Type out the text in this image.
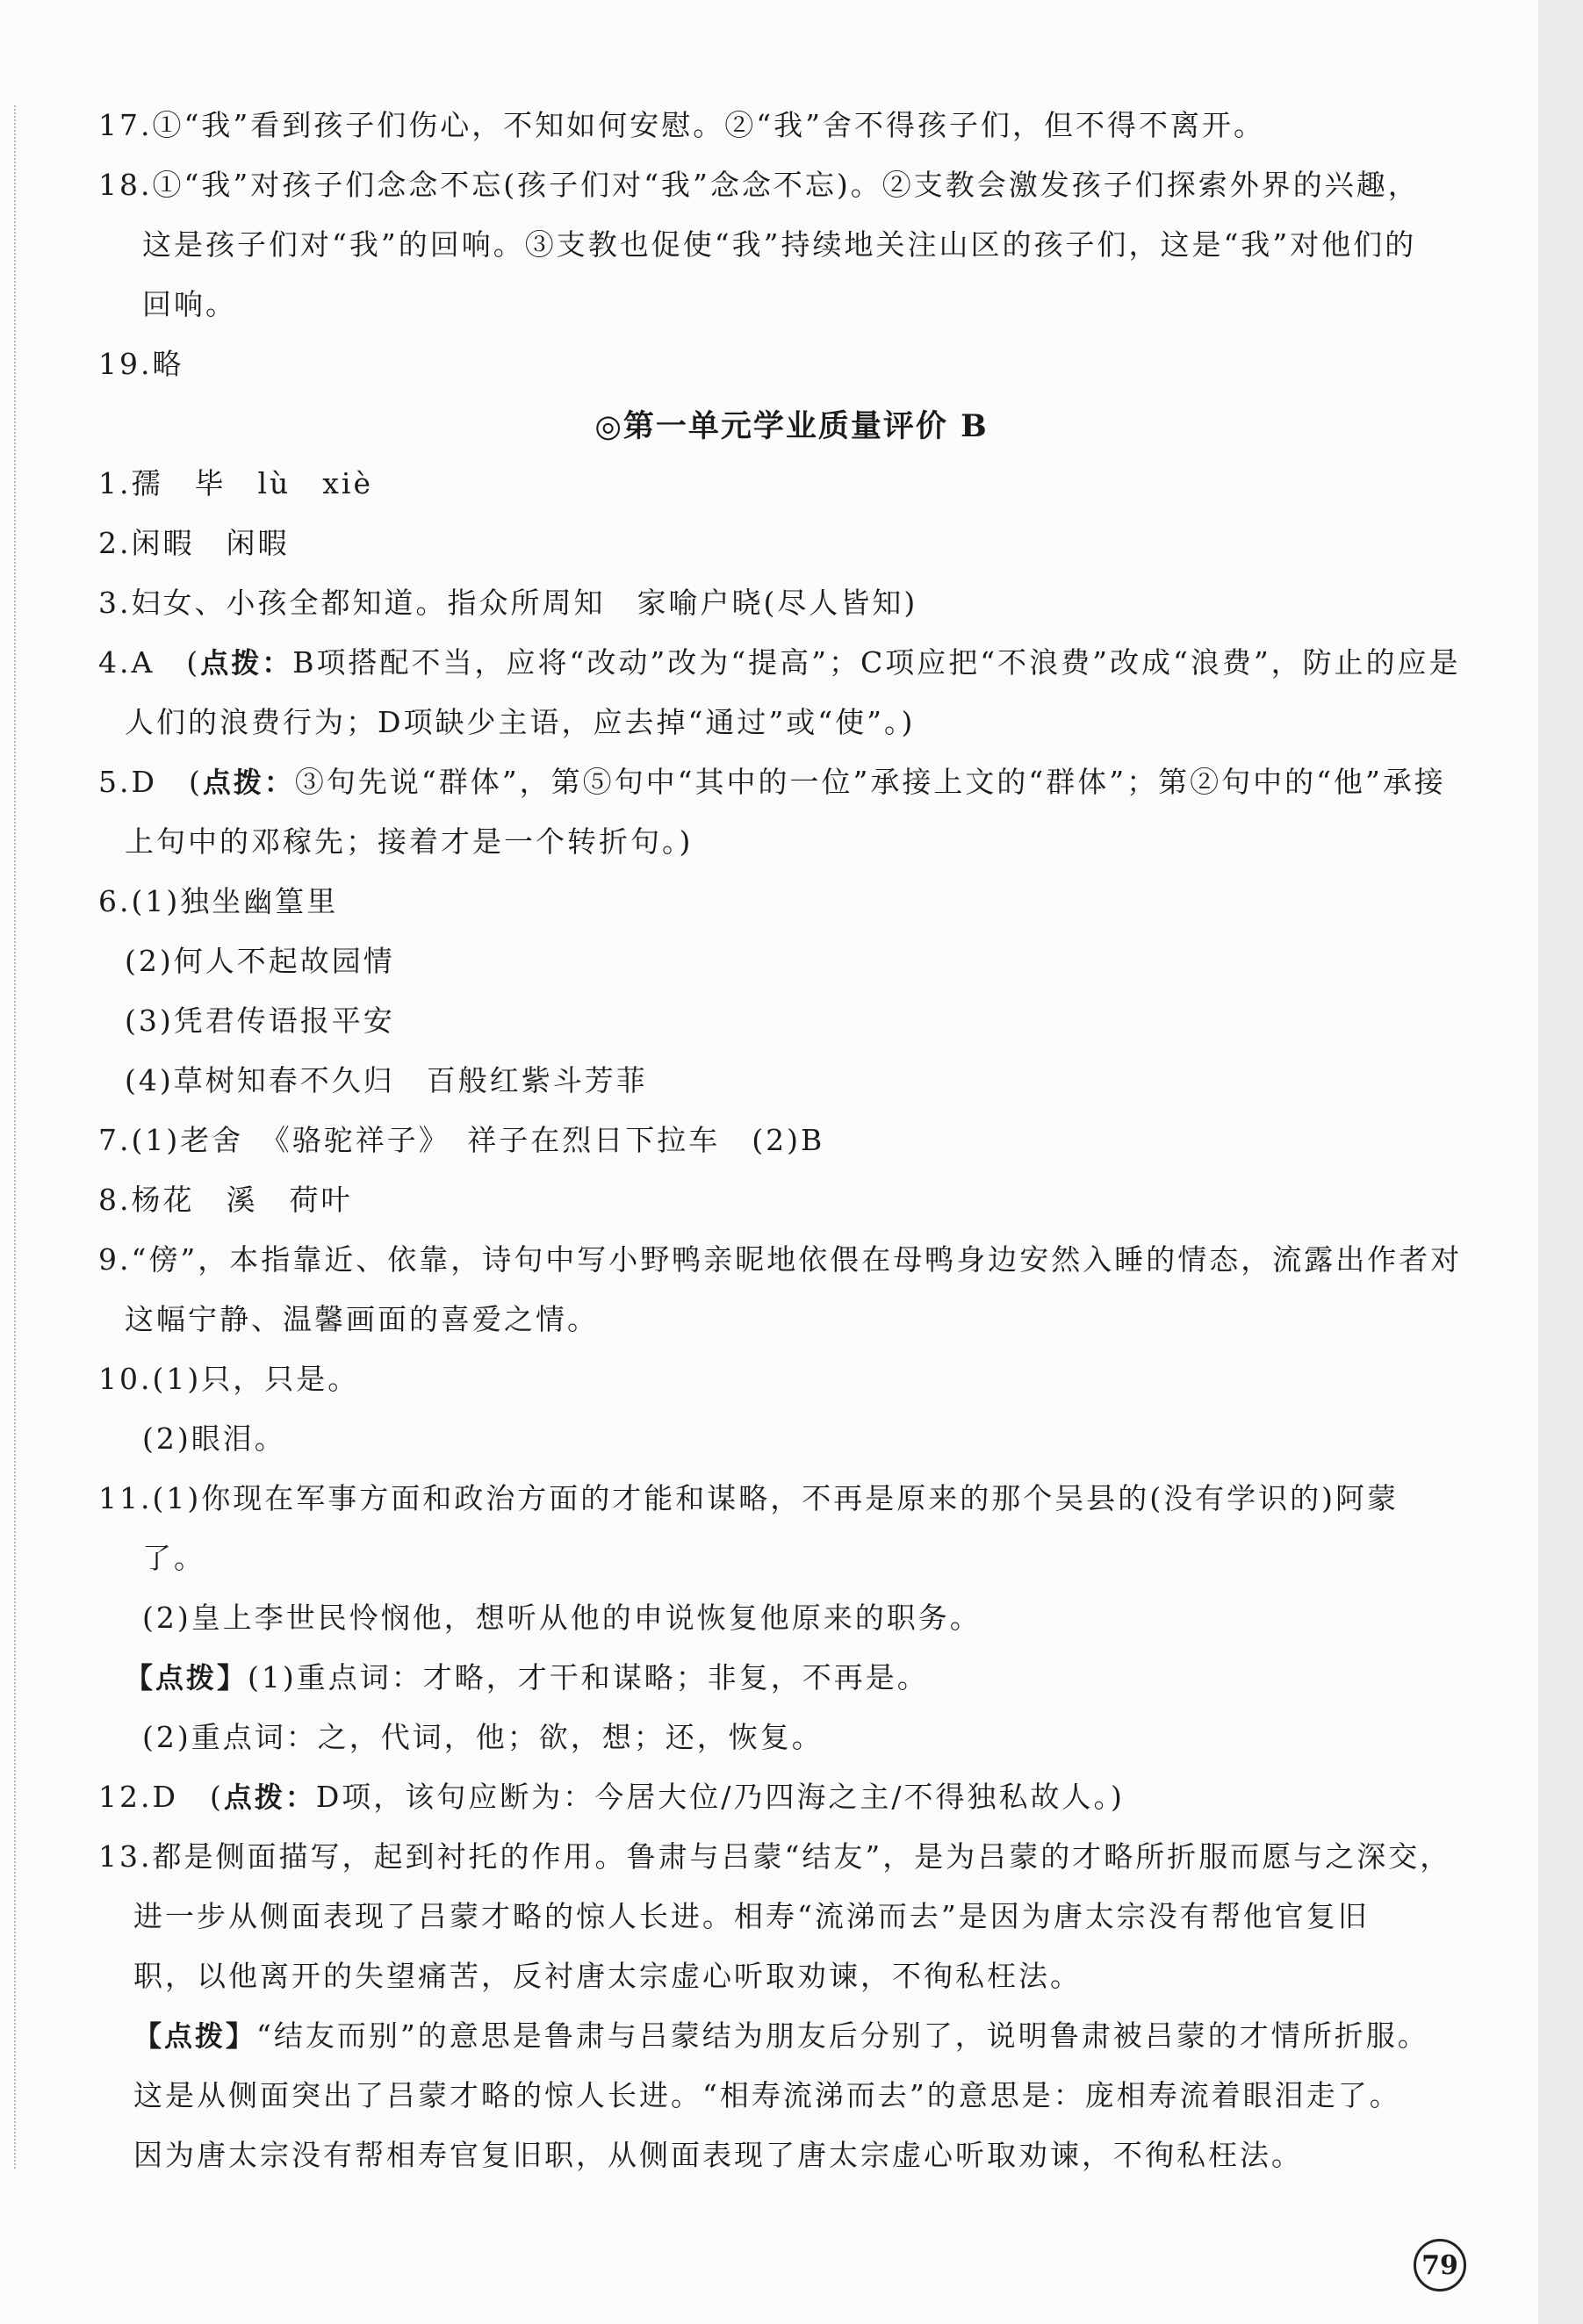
17.①“我”看到孩子们伤心，不知如何安慰。②“我”舍不得孩子们，但不得不离开。
18.①“我”对孩子们念念不忘(孩子们对“我”念念不忘)。②支教会激发孩子们探索外界的兴趣，
这是孩子们对“我”的回响。③支教也促使“我”持续地关注山区的孩子们，这是“我”对他们的
回响。
19.略
◎第一单元学业质量评价 B
1.孺　毕　lù　xiè
2.闲暇　闲暇
3.妇女、小孩全都知道。指众所周知　家喻户晓(尽人皆知)
4.A　(点拨：B项搭配不当，应将“改动”改为“提高”；C项应把“不浪费”改成“浪费”，防止的应是
人们的浪费行为；D项缺少主语，应去掉“通过”或“使”。)
5.D　(点拨：③句先说“群体”，第⑤句中“其中的一位”承接上文的“群体”；第②句中的“他”承接
上句中的邓稼先；接着才是一个转折句。)
6.(1)独坐幽篁里
(2)何人不起故园情
(3)凭君传语报平安
(4)草树知春不久归　百般红紫斗芳菲
7.(1)老舍　《骆驼祥子》　祥子在烈日下拉车　(2)B
8.杨花　溪　荷叶
9.“傍”，本指靠近、依靠，诗句中写小野鸭亲昵地依偎在母鸭身边安然入睡的情态，流露出作者对
这幅宁静、温馨画面的喜爱之情。
10.(1)只，只是。
(2)眼泪。
11.(1)你现在军事方面和政治方面的才能和谋略，不再是原来的那个吴县的(没有学识的)阿蒙
了。
(2)皇上李世民怜悯他，想听从他的申说恢复他原来的职务。
【点拨】(1)重点词：才略，才干和谋略；非复，不再是。
(2)重点词：之，代词，他；欲，想；还，恢复。
12.D　(点拨：D项，该句应断为：今居大位/乃四海之主/不得独私故人。)
13.都是侧面描写，起到衬托的作用。鲁肃与吕蒙“结友”，是为吕蒙的才略所折服而愿与之深交，
进一步从侧面表现了吕蒙才略的惊人长进。相寿“流涕而去”是因为唐太宗没有帮他官复旧
职，以他离开的失望痛苦，反衬唐太宗虚心听取劝谏，不徇私枉法。
【点拨】“结友而别”的意思是鲁肃与吕蒙结为朋友后分别了，说明鲁肃被吕蒙的才情所折服。
这是从侧面突出了吕蒙才略的惊人长进。“相寿流涕而去”的意思是：庞相寿流着眼泪走了。
因为唐太宗没有帮相寿官复旧职，从侧面表现了唐太宗虚心听取劝谏，不徇私枉法。
79
